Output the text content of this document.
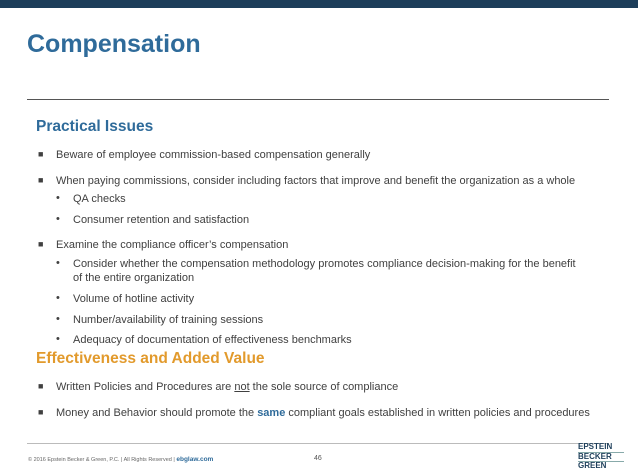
Compensation
Practical Issues
■ Beware of employee commission-based compensation generally
■ When paying commissions, consider including factors that improve and benefit the organization as a whole
• QA checks
• Consumer retention and satisfaction
■ Examine the compliance officer’s compensation
• Consider whether the compensation methodology promotes compliance decision-making for the benefit
of the entire organization
• Volume of hotline activity
• Number/availability of training sessions
• Adequacy of documentation of effectiveness benchmarks
Effectiveness and Added Value
■ Written Policies and Procedures are not the sole source of compliance
■ Money and Behavior should promote the same compliant goals established in written policies and procedures
© 2016 Epstein Becker & Green, P.C. | All Rights Reserved | ebglaw.com	46
EPSTEIN
BECKER
GREEN
